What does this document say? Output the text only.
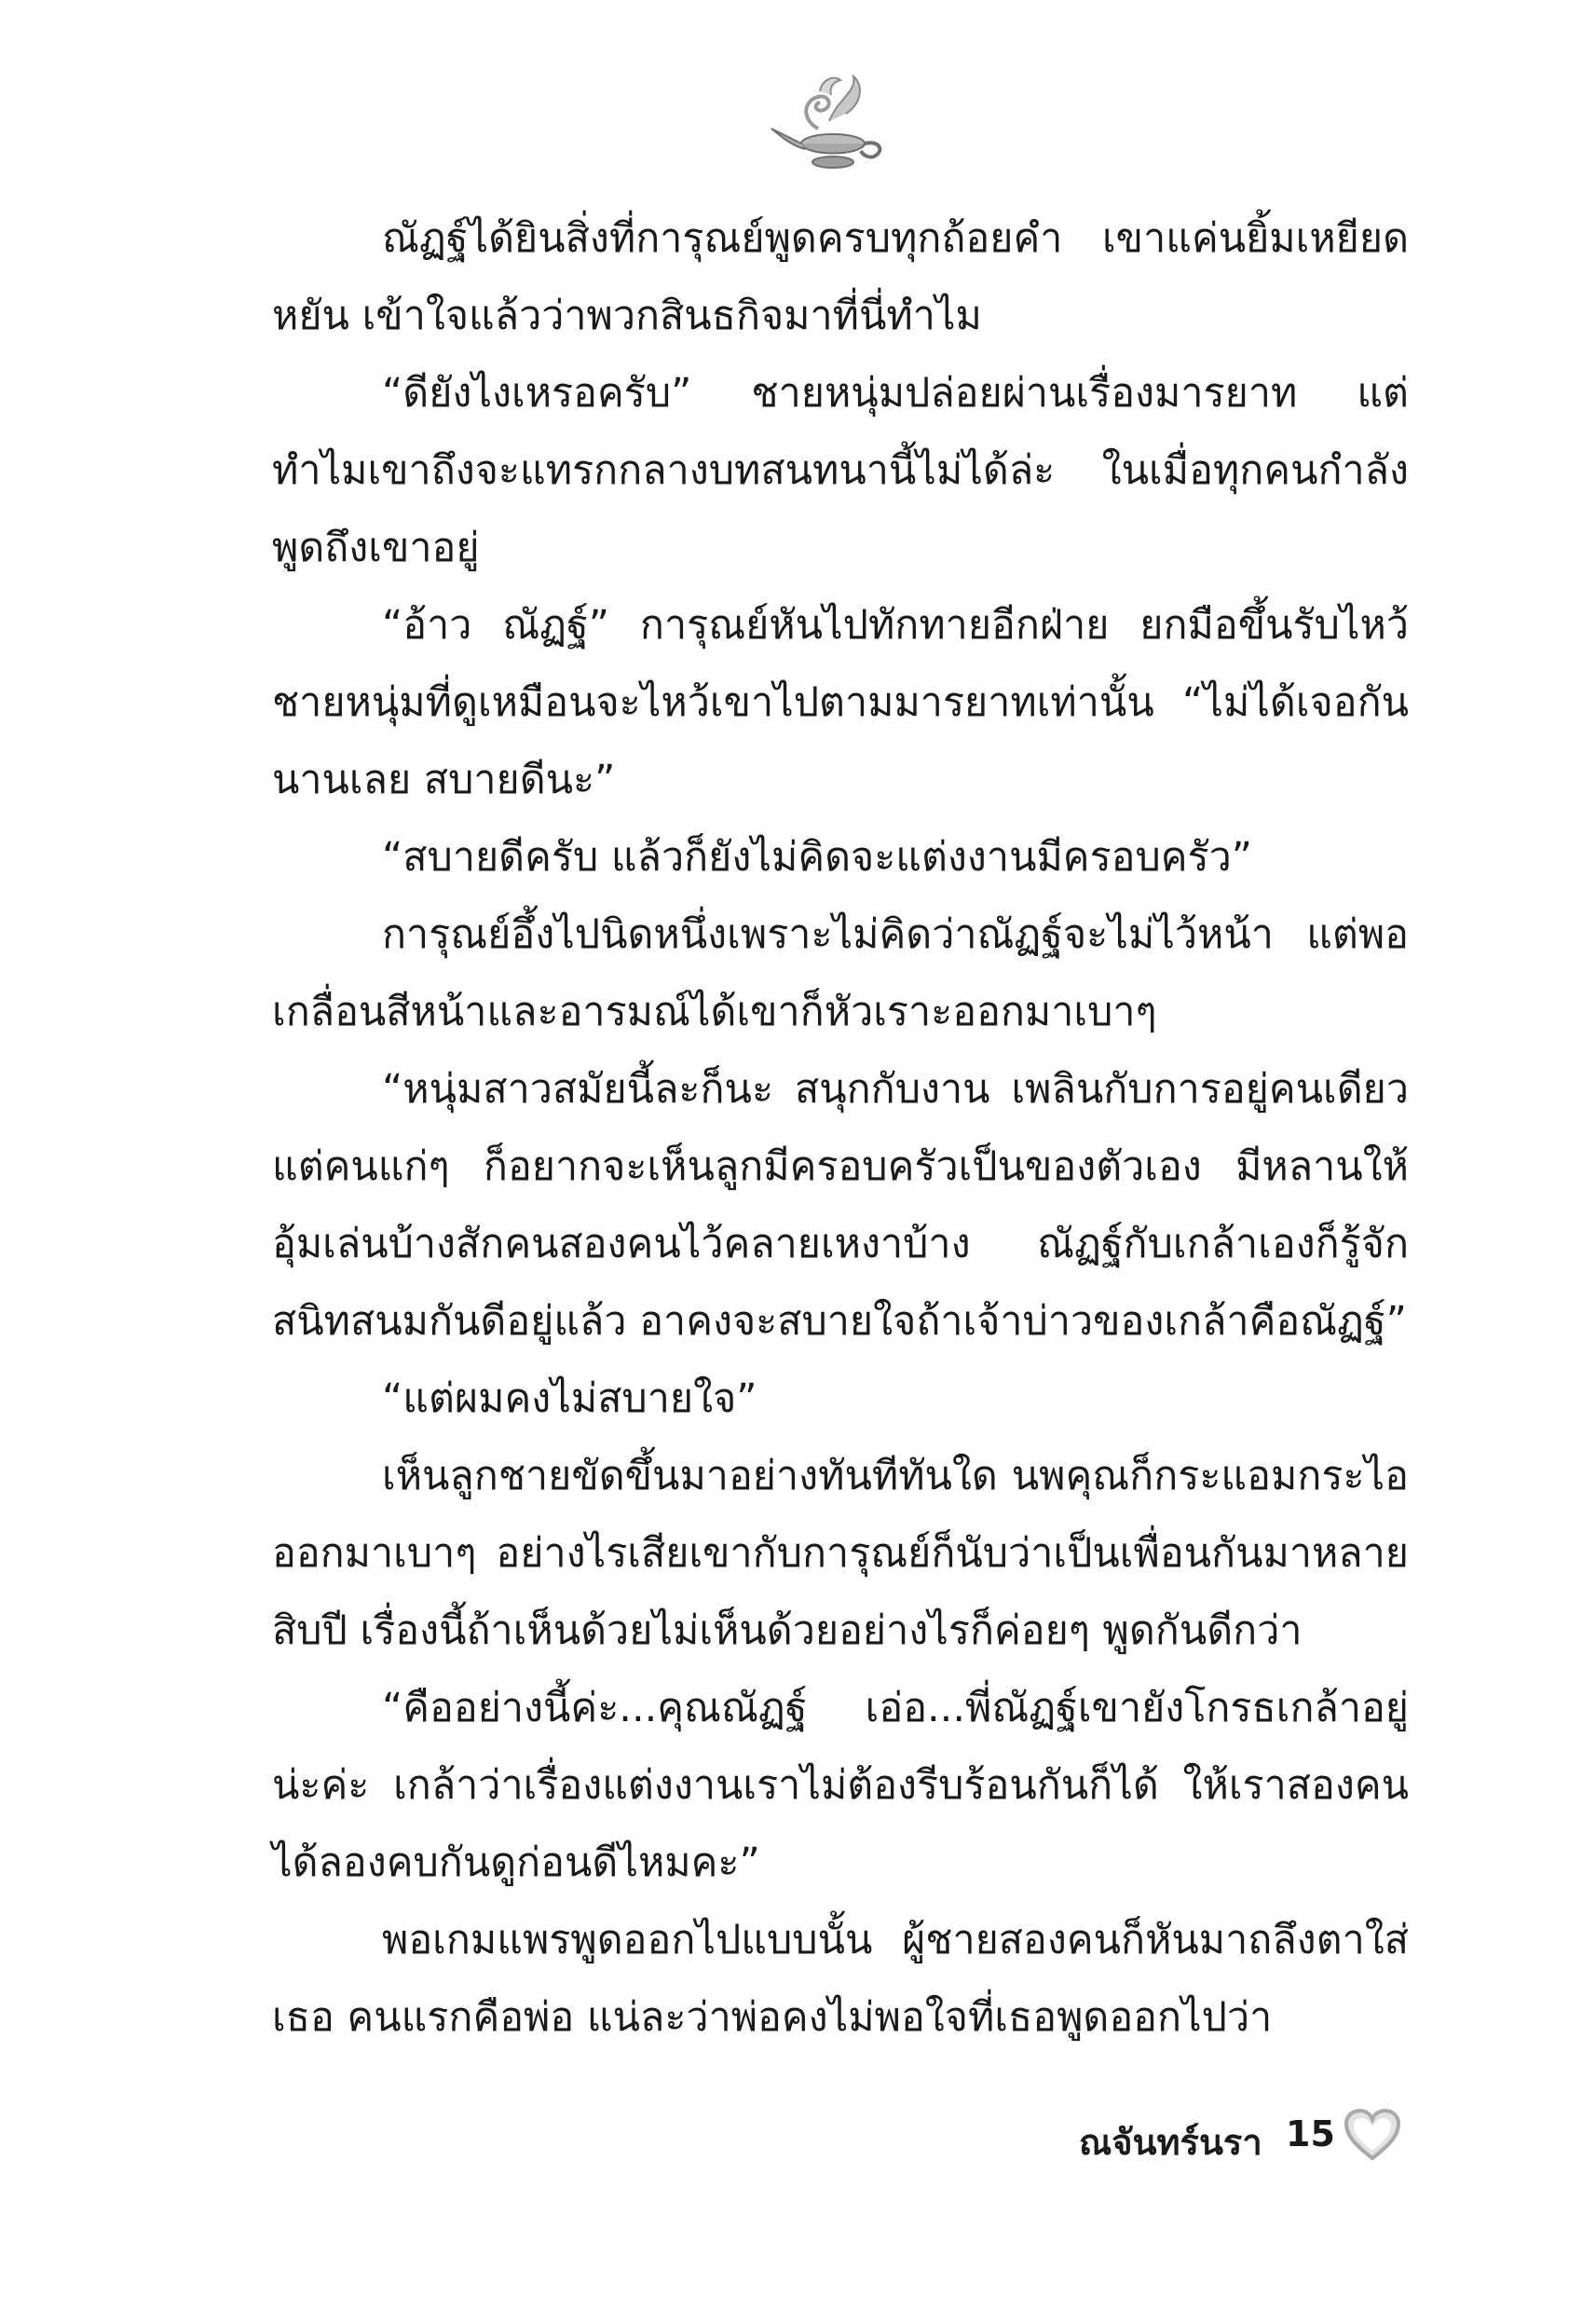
ณัฏฐ์ได้ยินสิ่งที่การุณย์พูดครบทุกถ้อยคำ เขาแค่นยิ้มเหยียดหยัน เข้าใจแล้วว่าพวกสินธกิจมาที่นี่ทำไม

“ดียังไงเหรอครับ” ชายหนุ่มปล่อยผ่านเรื่องมารยาท แต่ทำไมเขาถึงจะแทรกกลางบทสนทนานี้ไม่ได้ล่ะ ในเมื่อทุกคนกำลังพูดถึงเขาอยู่

“อ้าว ณัฏฐ์” การุณย์หันไปทักทายอีกฝ่าย ยกมือขึ้นรับไหว้ชายหนุ่มที่ดูเหมือนจะไหว้เขาไปตามมารยาทเท่านั้น “ไม่ได้เจอกันนานเลย สบายดีนะ”

“สบายดีครับ แล้วก็ยังไม่คิดจะแต่งงานมีครอบครัว”

การุณย์อึ้งไปนิดหนึ่งเพราะไม่คิดว่าณัฏฐ์จะไม่ไว้หน้า แต่พอเกลื่อนสีหน้าและอารมณ์ได้เขาก็หัวเราะออกมาเบาๆ

“หนุ่มสาวสมัยนี้ละก็นะ สนุกกับงาน เพลินกับการอยู่คนเดียว แต่คนแก่ๆ ก็อยากจะเห็นลูกมีครอบครัวเป็นของตัวเอง มีหลานให้อุ้มเล่นบ้างสักคนสองคนไว้คลายเหงาบ้าง ณัฏฐ์กับเกล้าเองก็รู้จักสนิทสนมกันดีอยู่แล้ว อาคงจะสบายใจถ้าเจ้าบ่าวของเกล้าคือณัฏฐ์”

“แต่ผมคงไม่สบายใจ”

เห็นลูกชายขัดขึ้นมาอย่างทันทีทันใด นพคุณก็กระแอมกระไอออกมาเบาๆ อย่างไรเสียเขากับการุณย์ก็นับว่าเป็นเพื่อนกันมาหลายสิบปี เรื่องนี้ถ้าเห็นด้วยไม่เห็นด้วยอย่างไรก็ค่อยๆ พูดกันดีกว่า

“คืออย่างนี้ค่ะ...คุณณัฏฐ์ เอ่อ...พี่ณัฏฐ์เขายังโกรธเกล้าอยู่น่ะค่ะ เกล้าว่าเรื่องแต่งงานเราไม่ต้องรีบร้อนกันก็ได้ ให้เราสองคนได้ลองคบกันดูก่อนดีไหมคะ”

พอเกมแพรพูดออกไปแบบนั้น ผู้ชายสองคนก็หันมาถลึงตาใส่เธอ คนแรกคือพ่อ แน่ละว่าพ่อคงไม่พอใจที่เธอพูดออกไปว่า

ณจันทร์นรา 15
